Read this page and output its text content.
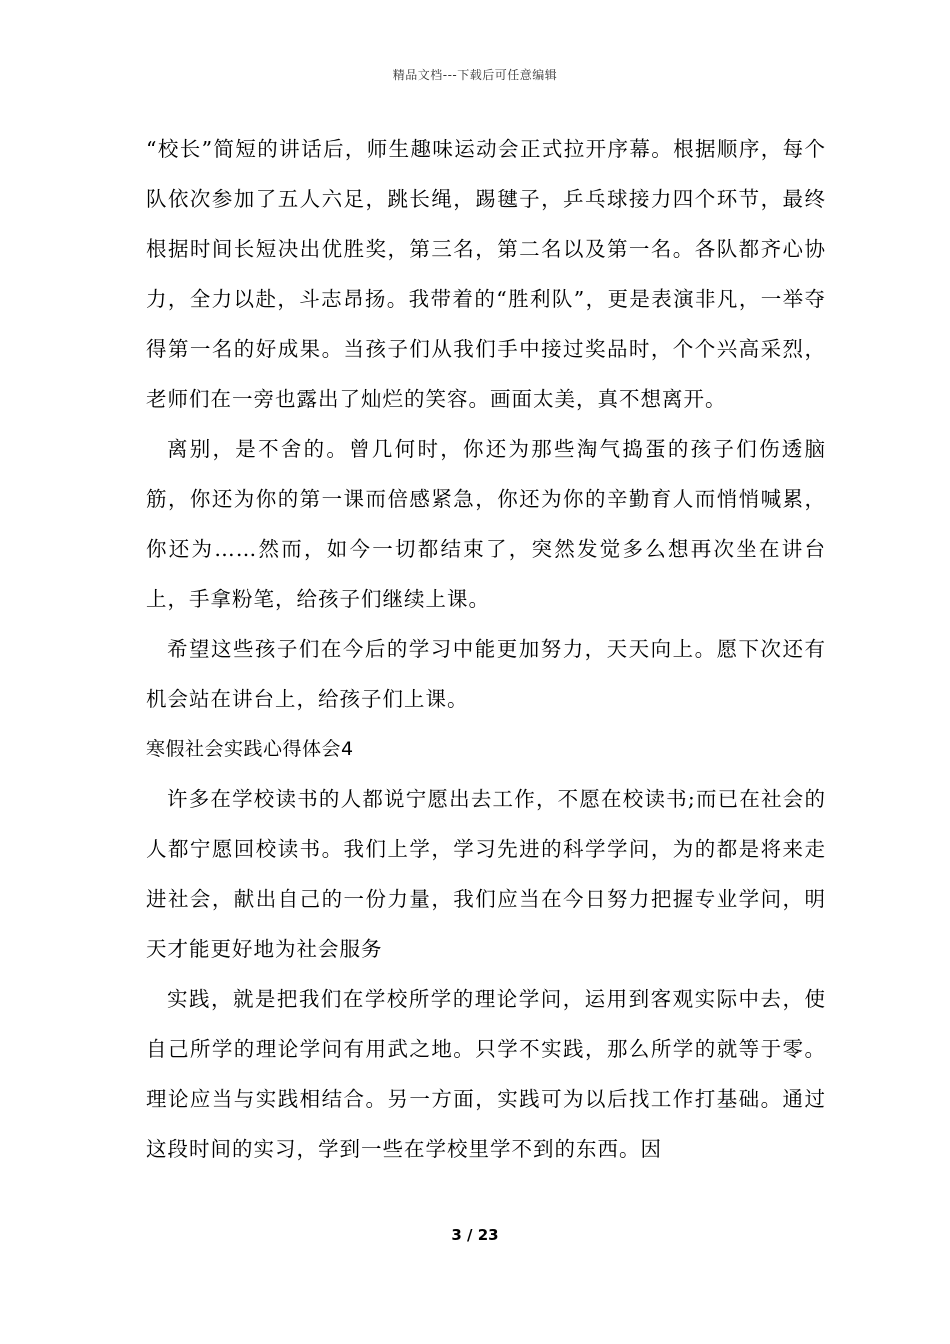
精品文档---下载后可任意编辑

“校长”简短的讲话后，师生趣味运动会正式拉开序幕。根据顺序，每个队依次参加了五人六足，跳长绳，踢毽子，乒乓球接力四个环节，最终根据时间长短决出优胜奖，第三名，第二名以及第一名。各队都齐心协力，全力以赴，斗志昂扬。我带着的“胜利队”，更是表演非凡，一举夺得第一名的好成果。当孩子们从我们手中接过奖品时，个个兴高采烈，老师们在一旁也露出了灿烂的笑容。画面太美，真不想离开。

离别，是不舍的。曾几何时，你还为那些淘气捣蛋的孩子们伤透脑筋，你还为你的第一课而倍感紧急，你还为你的辛勤育人而悄悄喊累，你还为……然而，如今一切都结束了，突然发觉多么想再次坐在讲台上，手拿粉笔，给孩子们继续上课。

希望这些孩子们在今后的学习中能更加努力，天天向上。愿下次还有机会站在讲台上，给孩子们上课。

寒假社会实践心得体会4

许多在学校读书的人都说宁愿出去工作，不愿在校读书;而已在社会的人都宁愿回校读书。我们上学，学习先进的科学学问，为的都是将来走进社会，献出自己的一份力量，我们应当在今日努力把握专业学问，明天才能更好地为社会服务

实践，就是把我们在学校所学的理论学问，运用到客观实际中去，使自己所学的理论学问有用武之地。只学不实践，那么所学的就等于零。理论应当与实践相结合。另一方面，实践可为以后找工作打基础。通过这段时间的实习，学到一些在学校里学不到的东西。因

3 / 23
